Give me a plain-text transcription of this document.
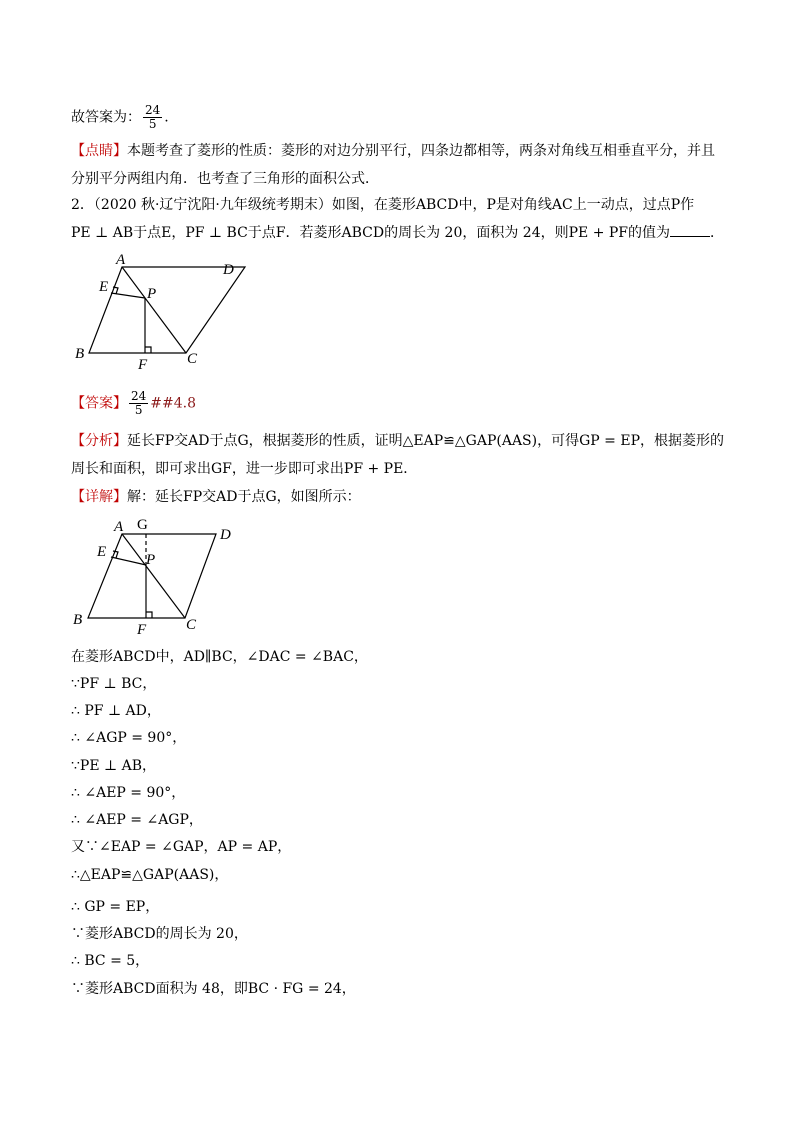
故答案为： $\frac{24}{5}$ .
【点睛】本题考查了菱形的性质：菱形的对边分别平行，四条边都相等，两条对角线互相垂直平分，并且
分别平分两组内角．也考查了三角形的面积公式．
2．（2020 秋·辽宁沈阳·九年级统考期末）如图，在菱形ABCD中，P是对角线AC上一动点，过点P作
PE ⊥ AB于点E，PF ⊥ BC于点F．若菱形ABCD的周长为 20，面积为 24，则PE + PF的值为	．
A
D
E	P
B
F	C
【答案】 $\frac{24}{5}$ ##4.8
【分析】延长FP交AD于点G，根据菱形的性质，证明△EAP≌△GAP(AAS)，可得GP = EP，根据菱形的
周长和面积，即可求出GF，进一步即可求出PF + PE．
【详解】解：延长FP交AD于点G，如图所示：
A G
D
E	P
B
F	C
在菱形ABCD中，AD∥BC，∠DAC = ∠BAC，
∵PF ⊥ BC，
∴ PF ⊥ AD，
∴ ∠AGP = 90°，
∵PE ⊥ AB，
∴ ∠AEP = 90°，
∴ ∠AEP = ∠AGP，
又∵∠EAP = ∠GAP，AP = AP，
∴△EAP≌△GAP(AAS)，
∴ GP = EP，
∵菱形ABCD的周长为 20，
∴ BC = 5，
∵菱形ABCD面积为 48，即BC · FG = 24，
